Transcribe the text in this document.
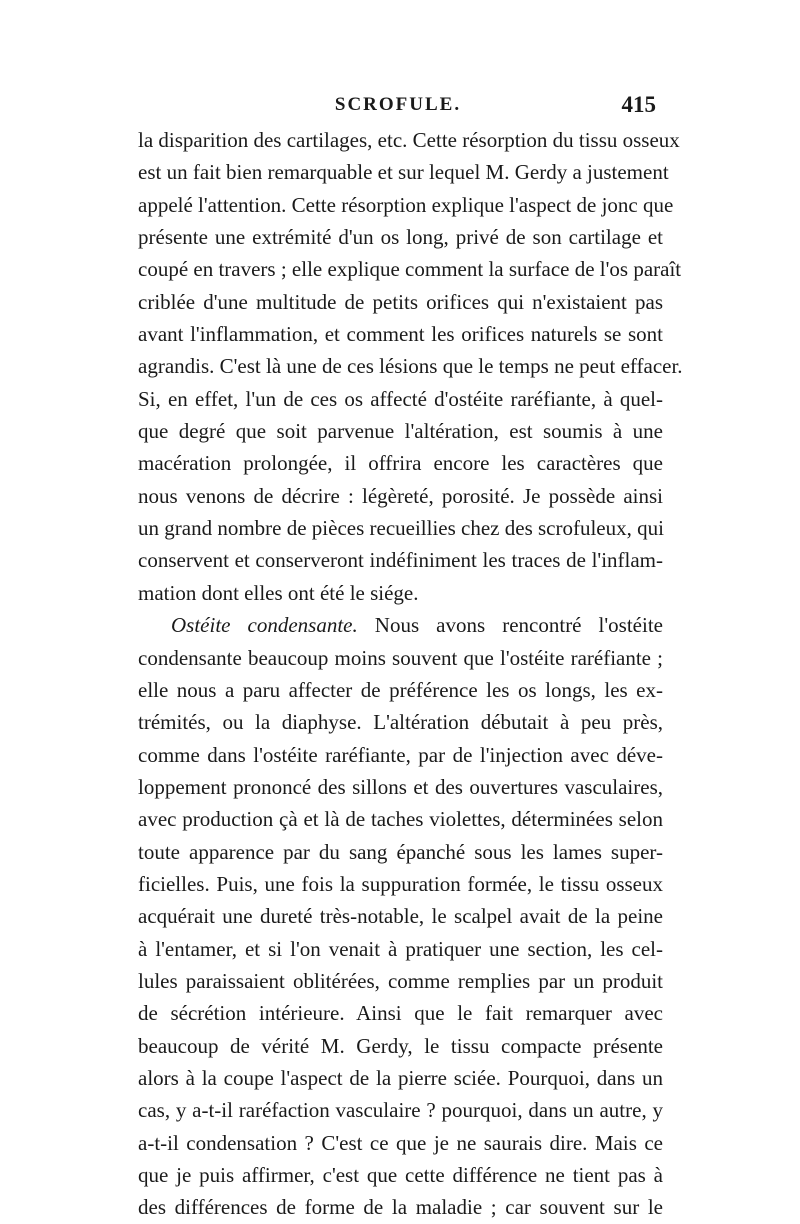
SCROFULE.	415
la disparition des cartilages, etc. Cette résorption du tissu osseux
est un fait bien remarquable et sur lequel M. Gerdy a justement
appelé l'attention. Cette résorption explique l'aspect de jonc que
présente une extrémité d'un os long, privé de son cartilage et
coupé en travers ; elle explique comment la surface de l'os paraît
criblée d'une multitude de petits orifices qui n'existaient pas
avant l'inflammation, et comment les orifices naturels se sont
agrandis. C'est là une de ces lésions que le temps ne peut effacer.
Si, en effet, l'un de ces os affecté d'ostéite raréfiante, à quel-
que degré que soit parvenue l'altération, est soumis à une
macération prolongée, il offrira encore les caractères que
nous venons de décrire : légèreté, porosité. Je possède ainsi
un grand nombre de pièces recueillies chez des scrofuleux, qui
conservent et conserveront indéfiniment les traces de l'inflam-
mation dont elles ont été le siége.
Ostéite condensante. Nous avons rencontré l'ostéite
condensante beaucoup moins souvent que l'ostéite raréfiante ;
elle nous a paru affecter de préférence les os longs, les ex-
trémités, ou la diaphyse. L'altération débutait à peu près,
comme dans l'ostéite raréfiante, par de l'injection avec déve-
loppement prononcé des sillons et des ouvertures vasculaires,
avec production çà et là de taches violettes, déterminées selon
toute apparence par du sang épanché sous les lames super-
ficielles. Puis, une fois la suppuration formée, le tissu osseux
acquérait une dureté très-notable, le scalpel avait de la peine
à l'entamer, et si l'on venait à pratiquer une section, les cel-
lules paraissaient oblitérées, comme remplies par un produit
de sécrétion intérieure. Ainsi que le fait remarquer avec
beaucoup de vérité M. Gerdy, le tissu compacte présente
alors à la coupe l'aspect de la pierre sciée. Pourquoi, dans un
cas, y a-t-il raréfaction vasculaire ? pourquoi, dans un autre, y
a-t-il condensation ? C'est ce que je ne saurais dire. Mais ce
que je puis affirmer, c'est que cette différence ne tient pas à
des différences de forme de la maladie ; car souvent sur le
